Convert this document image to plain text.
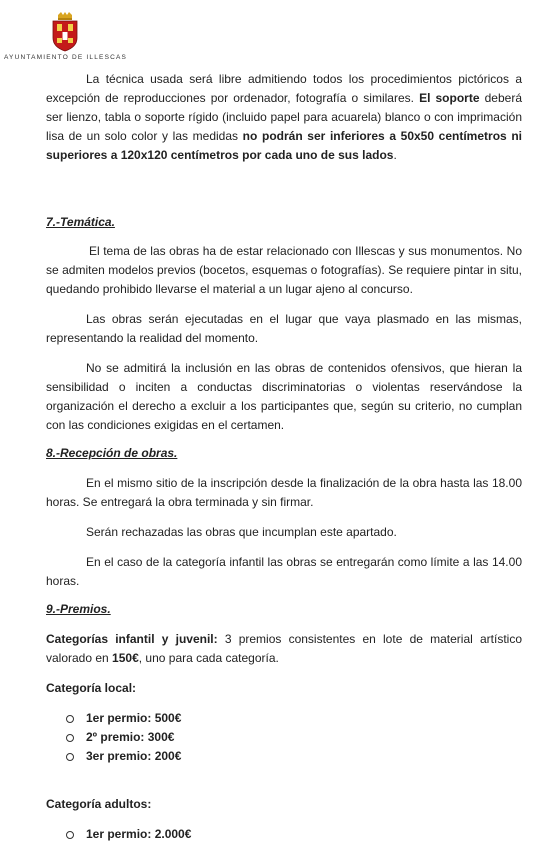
AYUNTAMIENTO DE ILLESCAS

La técnica usada será libre admitiendo todos los procedimientos pictóricos a excepción de reproducciones por ordenador, fotografía o similares. El soporte deberá ser lienzo, tabla o soporte rígido (incluido papel para acuarela) blanco o con imprimación lisa de un solo color y las medidas no podrán ser inferiores a 50x50 centímetros ni superiores a 120x120 centímetros por cada uno de sus lados.

7.-Temática.

El tema de las obras ha de estar relacionado con Illescas y sus monumentos. No se admiten modelos previos (bocetos, esquemas o fotografías). Se requiere pintar in situ, quedando prohibido llevarse el material a un lugar ajeno al concurso.

Las obras serán ejecutadas en el lugar que vaya plasmado en las mismas, representando la realidad del momento.

No se admitirá la inclusión en las obras de contenidos ofensivos, que hieran la sensibilidad o inciten a conductas discriminatorias o violentas reservándose la organización el derecho a excluir a los participantes que, según su criterio, no cumplan con las condiciones exigidas en el certamen.

8.-Recepción de obras.

En el mismo sitio de la inscripción desde la finalización de la obra hasta las 18.00 horas. Se entregará la obra terminada y sin firmar.

Serán rechazadas las obras que incumplan este apartado.

En el caso de la categoría infantil las obras se entregarán como límite a las 14.00 horas.

9.-Premios.

Categorías infantil y juvenil: 3 premios consistentes en lote de material artístico valorado en 150€, uno para cada categoría.

Categoría local:

1er permio: 500€
2º premio: 300€
3er premio: 200€

Categoría adultos:

1er permio: 2.000€
